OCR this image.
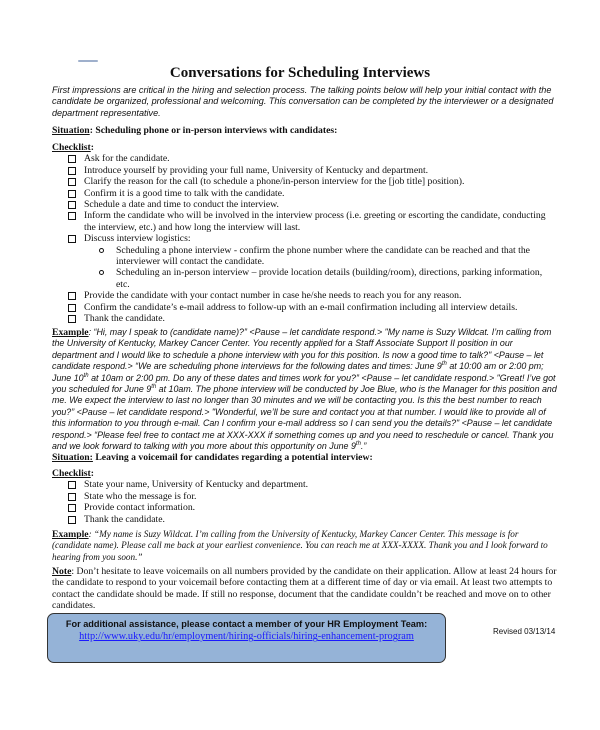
Conversations for Scheduling Interviews
First impressions are critical in the hiring and selection process. The talking points below will help your initial contact with the candidate be organized, professional and welcoming. This conversation can be completed by the interviewer or a designated department representative.
Situation: Scheduling phone or in-person interviews with candidates:
Checklist:
Ask for the candidate.
Introduce yourself by providing your full name, University of Kentucky and department.
Clarify the reason for the call (to schedule a phone/in-person interview for the [job title] position).
Confirm it is a good time to talk with the candidate.
Schedule a date and time to conduct the interview.
Inform the candidate who will be involved in the interview process (i.e. greeting or escorting the candidate, conducting the interview, etc.) and how long the interview will last.
Discuss interview logistics:
Scheduling a phone interview - confirm the phone number where the candidate can be reached and that the interviewer will contact the candidate.
Scheduling an in-person interview – provide location details (building/room), directions, parking information, etc.
Provide the candidate with your contact number in case he/she needs to reach you for any reason.
Confirm the candidate’s e-mail address to follow-up with an e-mail confirmation including all interview details.
Thank the candidate.
Example: “Hi, may I speak to (candidate name)?” <Pause – let candidate respond.> "My name is Suzy Wildcat. I’m calling from the University of Kentucky, Markey Cancer Center. You recently applied for a Staff Associate Support II position in our department and I would like to schedule a phone interview with you for this position. Is now a good time to talk?" <Pause – let candidate respond.> “We are scheduling phone interviews for the following dates and times: June 9th at 10:00 am or 2:00 pm; June 10th at 10am or 2:00 pm. Do any of these dates and times work for you?” <Pause – let candidate respond.> "Great! I’ve got you scheduled for June 9th at 10am. The phone interview will be conducted by Joe Blue, who is the Manager for this position and me. We expect the interview to last no longer than 30 minutes and we will be contacting you. Is this the best number to reach you?” <Pause – let candidate respond.> "Wonderful, we’ll be sure and contact you at that number. I would like to provide all of this information to you through e-mail. Can I confirm your e-mail address so I can send you the details?" <Pause – let candidate respond.> “Please feel free to contact me at XXX-XXX if something comes up and you need to reschedule or cancel. Thank you and we look forward to talking with you more about this opportunity on June 9th.”
Situation: Leaving a voicemail for candidates regarding a potential interview:
Checklist:
State your name, University of Kentucky and department.
State who the message is for.
Provide contact information.
Thank the candidate.
Example: “My name is Suzy Wildcat. I’m calling from the University of Kentucky, Markey Cancer Center. This message is for (candidate name). Please call me back at your earliest convenience. You can reach me at XXX-XXXX. Thank you and I look forward to hearing from you soon.”
Note: Don’t hesitate to leave voicemails on all numbers provided by the candidate on their application. Allow at least 24 hours for the candidate to respond to your voicemail before contacting them at a different time of day or via email. At least two attempts to contact the candidate should be made. If still no response, document that the candidate couldn’t be reached and move on to other candidates.
For additional assistance, please contact a member of your HR Employment Team:
http://www.uky.edu/hr/employment/hiring-officials/hiring-enhancement-program	Revised 03/13/14
